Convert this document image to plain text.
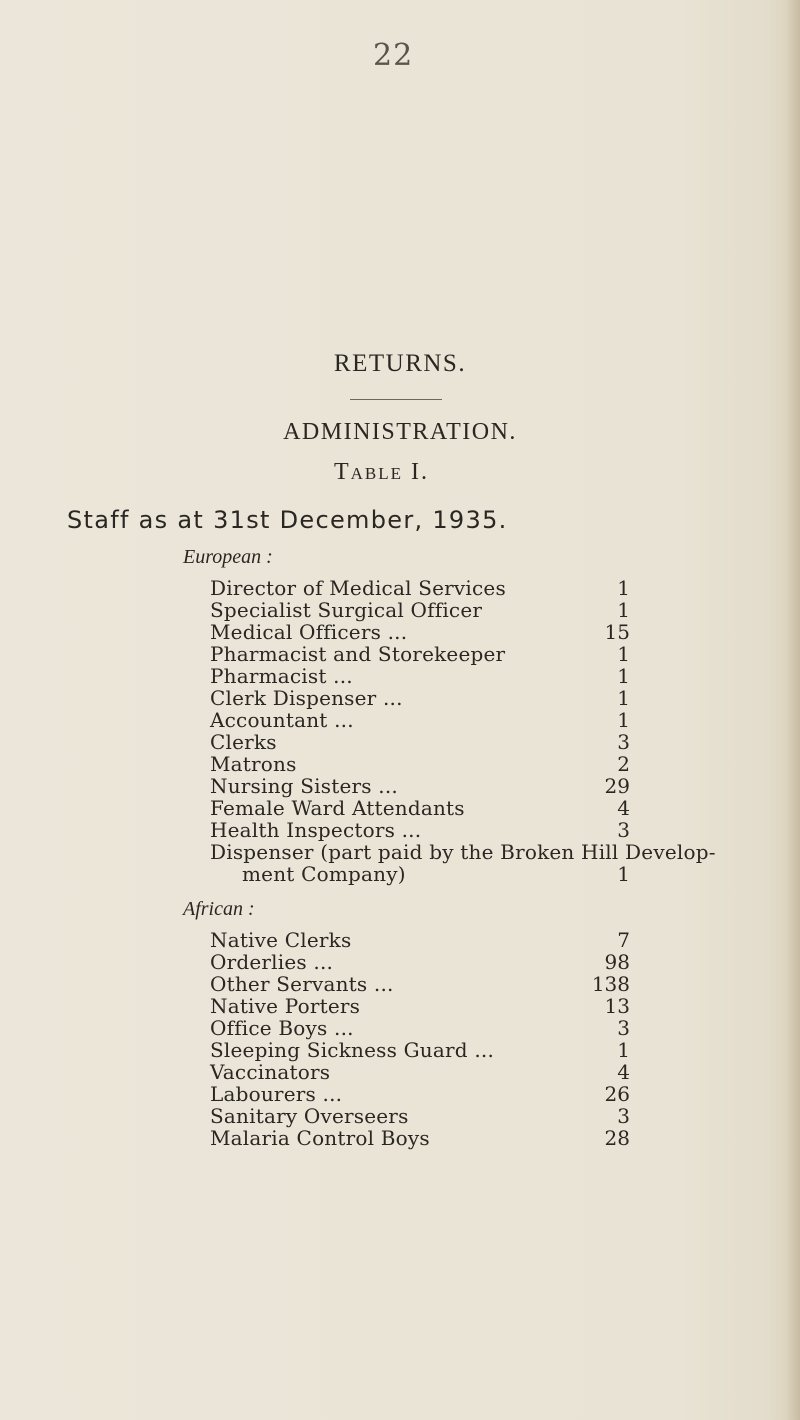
22
RETURNS.
ADMINISTRATION.
Table I.
Staff as at 31st December, 1935.
European :
Director of Medical Services	1
Specialist Surgical Officer	1
Medical Officers ...	15
Pharmacist and Storekeeper	1
Pharmacist ...	1
Clerk Dispenser ...	1
Accountant ...	1
Clerks	3
Matrons	2
Nursing Sisters ...	29
Female Ward Attendants	4
Health Inspectors ...	3
Dispenser (part paid by the Broken Hill Develop-
ment Company)	1
African :
Native Clerks	7
Orderlies ...	98
Other Servants ...	138
Native Porters	13
Office Boys ...	3
Sleeping Sickness Guard ...	1
Vaccinators	4
Labourers ...	26
Sanitary Overseers	3
Malaria Control Boys	28
